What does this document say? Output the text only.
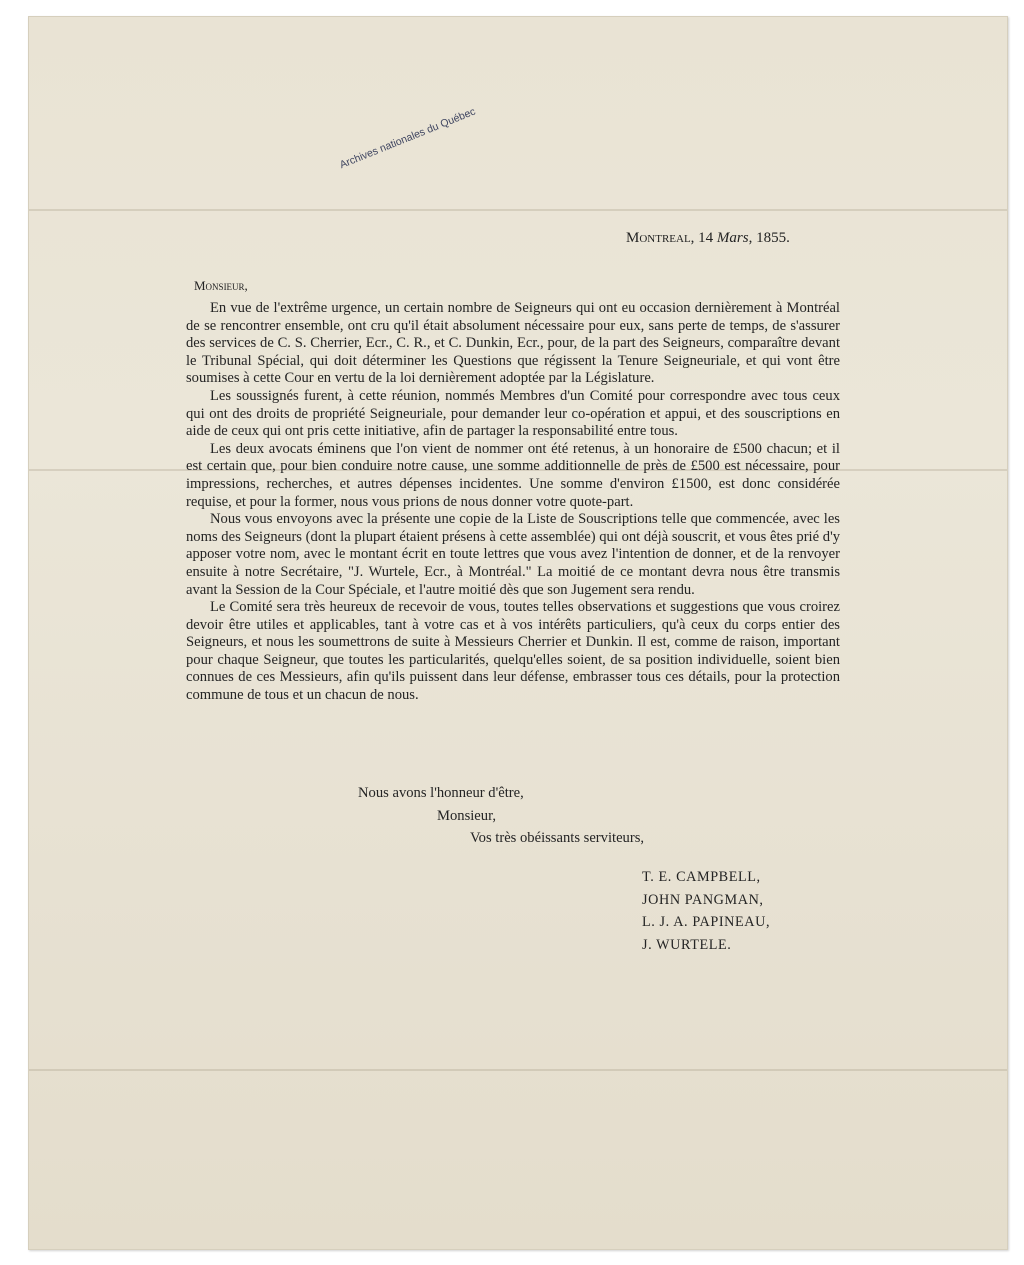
Archives nationales du Québec
Montreal, 14 Mars, 1855.
Monsieur,

En vue de l'extrême urgence, un certain nombre de Seigneurs qui ont eu occasion dernièrement à Montréal de se rencontrer ensemble, ont cru qu'il était absolument nécessaire pour eux, sans perte de temps, de s'assurer des services de C. S. Cherrier, Ecr., C. R., et C. Dunkin, Ecr., pour, de la part des Seigneurs, comparaître devant le Tribunal Spécial, qui doit déterminer les Questions que régissent la Tenure Seigneuriale, et qui vont être soumises à cette Cour en vertu de la loi dernièrement adoptée par la Législature.

Les soussignés furent, à cette réunion, nommés Membres d'un Comité pour correspondre avec tous ceux qui ont des droits de propriété Seigneuriale, pour demander leur co-opération et appui, et des souscriptions en aide de ceux qui ont pris cette initiative, afin de partager la responsabilité entre tous.

Les deux avocats éminens que l'on vient de nommer ont été retenus, à un honoraire de £500 chacun; et il est certain que, pour bien conduire notre cause, une somme additionnelle de près de £500 est nécessaire, pour impressions, recherches, et autres dépenses incidentes. Une somme d'environ £1500, est donc considérée requise, et pour la former, nous vous prions de nous donner votre quote-part.

Nous vous envoyons avec la présente une copie de la Liste de Souscriptions telle que commencée, avec les noms des Seigneurs (dont la plupart étaient présens à cette assemblée) qui ont déjà souscrit, et vous êtes prié d'y apposer votre nom, avec le montant écrit en toute lettres que vous avez l'intention de donner, et de la renvoyer ensuite à notre Secrétaire, "J. Wurtele, Ecr., à Montréal." La moitié de ce montant devra nous être transmis avant la Session de la Cour Spéciale, et l'autre moitié dès que son Jugement sera rendu.

Le Comité sera très heureux de recevoir de vous, toutes telles observations et suggestions que vous croirez devoir être utiles et applicables, tant à votre cas et à vos intérêts particuliers, qu'à ceux du corps entier des Seigneurs, et nous les soumettrons de suite à Messieurs Cherrier et Dunkin. Il est, comme de raison, important pour chaque Seigneur, que toutes les particularités, quelqu'elles soient, de sa position individuelle, soient bien connues de ces Messieurs, afin qu'ils puissent dans leur défense, embrasser tous ces détails, pour la protection commune de tous et un chacun de nous.

Nous avons l'honneur d'être,
Monsieur,
Vos très obéissants serviteurs,
T. E. CAMPBELL,
JOHN PANGMAN,
L. J. A. PAPINEAU,
J. WURTELE.
